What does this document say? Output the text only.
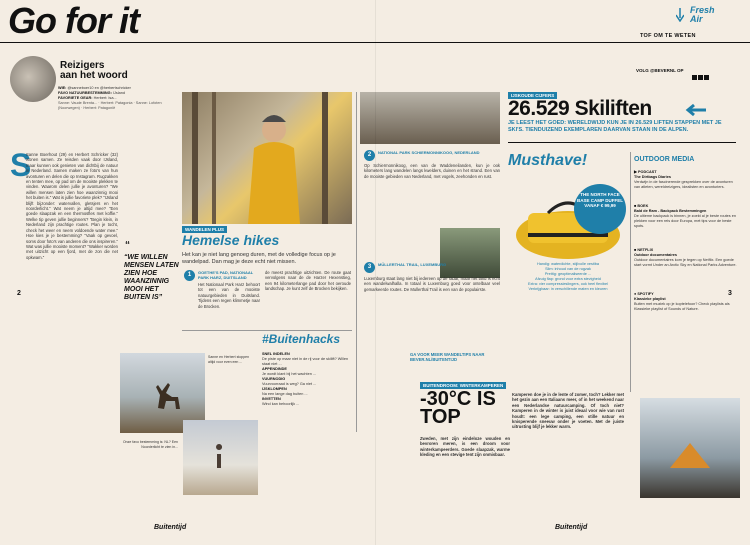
Go for it	Fresh
Air
TOF OM TE WETEN
VOLG @BEVERNL OP
Reizigers
aan het woord
WIE: @sanneboer10 en @herbertschricker
FAVO NATUURBESTEMMING: IJsland
FAVORIETE GEAR: Herbert: Isa...
Sanne: Vaude Brenta... · Herbert: Patagonia · Sanne: Lofoten (Noorwegen) · Herbert: Patagonië
S
Sanne Boerhout (29) en Herbert Schricker (32) wonen samen. Ze reisden vaak door IJsland, maar kunnen ook genieten van dichtbij de natuur in Nederland. Samen maken ze foto's van hun avonturen en delen die op Instagram. Rugzakken en tenten mee, op pad om de mooiste plekken te vinden. Waarom delen jullie je avonturen? "We willen mensen laten zien hoe waanzinnig mooi het buiten is." Wat is jullie favoriete plek? "IJsland blijft bijzonder: watervallen, gletsjers en het noorderlicht." Wat neem je altijd mee? "Een goede slaapzak en een thermosfles met koffie." Welke tip geven jullie beginners? "Begin klein, in Nederland zijn prachtige routes. Plan je tocht, check het weer en neem voldoende water mee." Hoe kies je je bestemming? "Vaak op gevoel, soms door foto's van anderen die ons inspireren." Wat was jullie mooiste moment? "Wakker worden met uitzicht op een fjord, met de zon die net opkwam."
“
“WE WILLEN MENSEN LATEN ZIEN HOE WAANZINNIG MOOI HET BUITEN IS”
2
Sanne en Herbert stoppen altijd voor even een ...
Onze favo bestemming is: NL? Een Noorderlicht te zien in...
WANDELEN PLUS
Hemelse hikes
Het kan je niet lang genoeg duren, met de volledige focus op je wandelpad. Dan mag je deze echt niet missen.
1	GOETHE'S PAD, NATIONAAL PARK HARZ, DUITSLAND
Het Nationaal Park Harz behoort tot een van de mooiste natuurgebieden in Duitsland. Tijdens een regen klimmetje naar de Brocken.
de meest prachtige uitzichten. De route gaat vervolgens naar de de Harzer Hexenstieg, een 94 kilometerlange pad door het oeroude landschap. Je kunt zelf de Brocken bekijken.
2	NATIONAL PARK SCHIERMONNIKOOG, NEDERLAND
Op Schiermonnikoog, een van de Waddeneilanden, kun je ook kilometers lang wandelen langs kwelders, duinen en het strand. Een van de mooiste gebieden van Nederland, met vogels, zeehonden en rust.
3	MÜLLERTHAL TRAIL, LUXEMBURG
Luxemburg staat lang niet bij iedereen op de radar, maar het land is echt een wandelwalhalla. In totaal is Luxemburg goed voor ontelbaar veel gemarkeerde routes. De Mullerthal Trail is een van de populairste.
GA VOOR MEER WANDELTIPS NAAR BEVER.NL/BUITENTIJD
#Buitenhacks
SNEL INDELEN
De piste op maar niet in de rij voor de skilift? Willen staat niet ...
APPENDINDE
Je wordt klant bij het wachten ...
VUURNODIG
Vuurvoorraad is weg? Ga niet ...
IJSKLOMPEN
Na een lange dag buiten ...
INVETTEN
Wind kan behoorlijk ...
IJSKOUDE CIJFERS
26.529 Skiliften
JE LEEST HET GOED: WERELDWIJD KUN JE IN 26.529 LIFTEN STAPPEN MET JE SKI'S. TIENDUIZEND EXEMPLAREN DAARVAN STAAN IN DE ALPEN.
Musthave!
THE NORTH FACE BASE CAMP DUFFEL VANAF € 99,99
Handig: waterdichte, stijlvolle vestiba
Slim: inhoud van de rugzak
Prettig: geoptimaliseerde ...
Afzuig flap: grond voor extra stevigheid
Extra: vier compressieslingers, ook heel flexibel
Verkrijgbaar: in verschillende maten en kleuren
OUTDOOR MEDIA
▶ PODCAST
The Dirtbags Diaries
Verdwijn in de fascinerende gesprekken over de avonturen van atleten, wereldreizigers, idealisten en avonturiers.
■ BOEK
Bald de Ram - Backpack Bestemmingen
De ultieme backpack is binnen, je zoekt al je beste routes en plekken voor een reis door Europa, met tips voor de beste spots.
■ NETFLIX
Outdoor documentaires
Outdoor documentaires kom je tegen op Netflix. Een goede start vormt Under an Arctic Sky en National Parks Adventure.
● SPOTIFY
Klassieke playlist
Buiten met muziek op je koptelefoon? Check playlists als Klassieke playlist of Sounds of Nature.
3
BUITENDROOM: WINTERKAMPEREN
-30°C IS TOP
Kamperen doe je in de lente of zomer, toch? Lekker met het gezin aan een Italiaans meer, of in het weekend naar een Nederlandse natuurcamping. Of toch niet? Kamperen in de winter is juist ideaal voor wie van rust houdt: een lege camping, een stille natuur en knisperende sneeuw onder je voeten. Met de juiste uitrusting blijf je lekker warm.
Zweden, met zijn eindeloze wouden en bevroren meren, is een droom voor winterkampeerders. Goede slaapzak, warme kleding en een stevige tent zijn onmisbaar.
Buitentijd	Buitentijd
